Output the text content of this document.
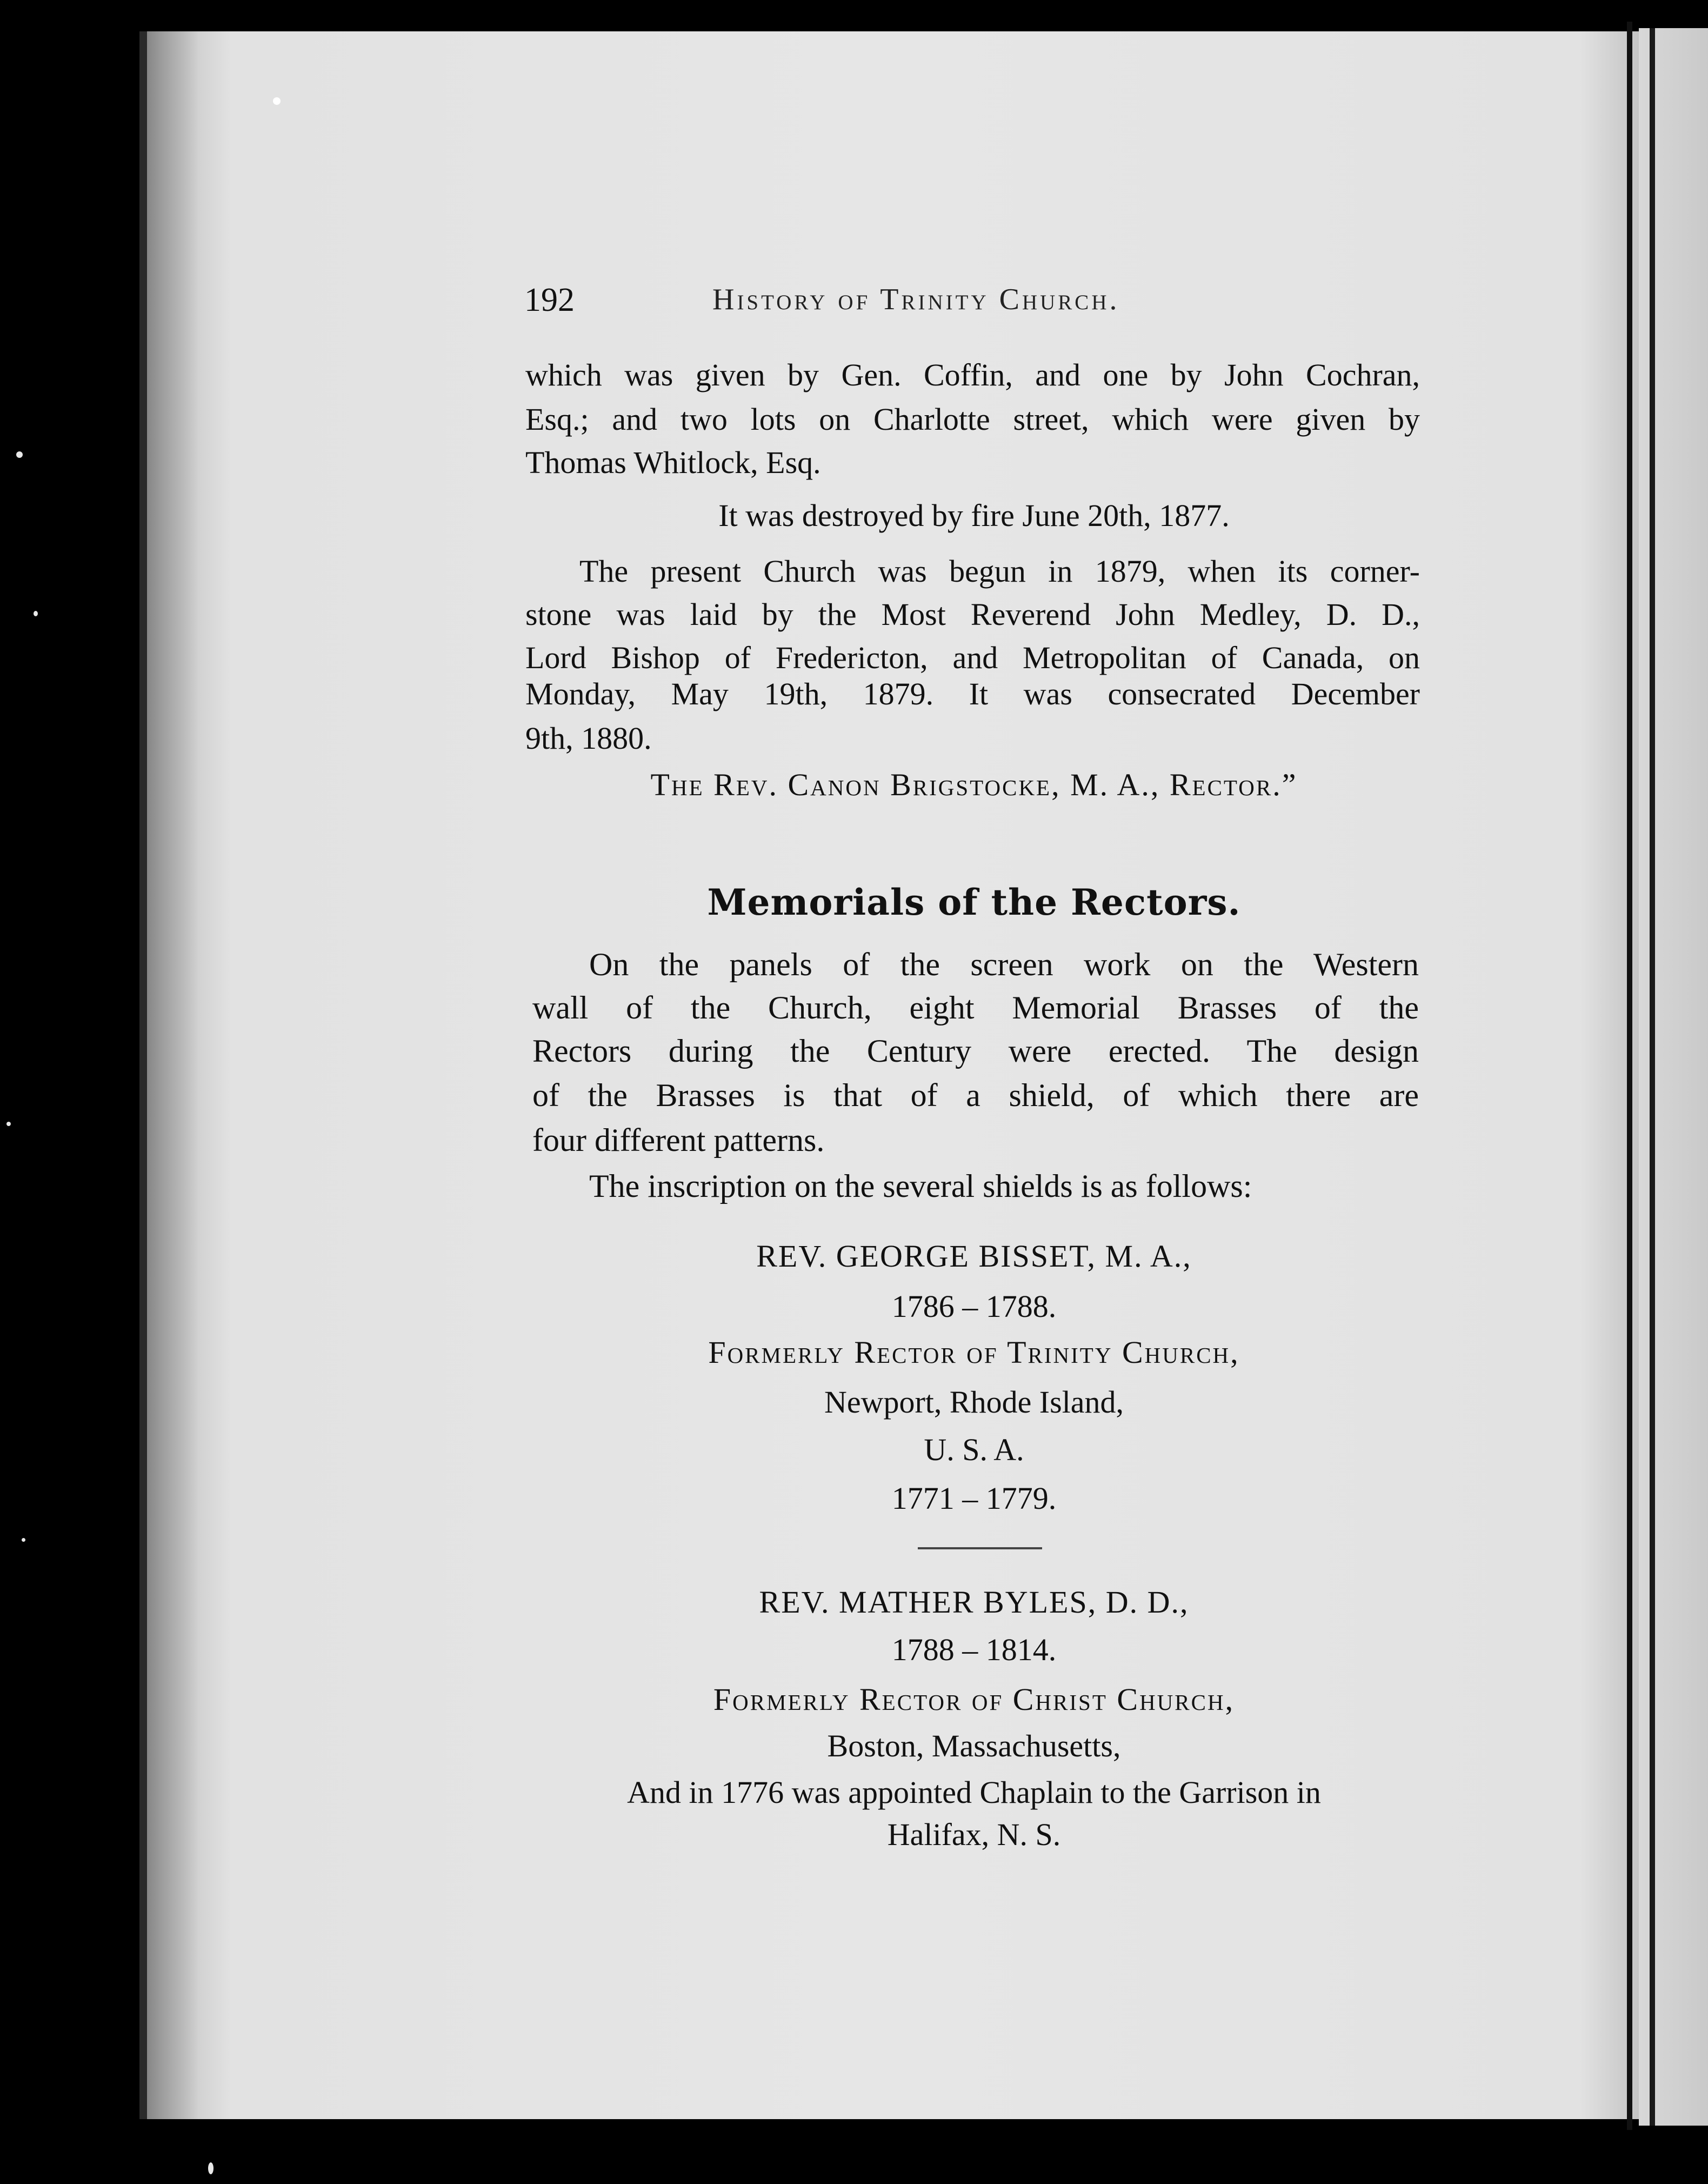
192	History of Trinity Church.
which was given by Gen. Coffin, and one by John Cochran,
Esq.; and two lots on Charlotte street, which were given by
Thomas Whitlock, Esq.
It was destroyed by fire June 20th, 1877.
The present Church was begun in 1879, when its corner-
stone was laid by the Most Reverend John Medley, D. D.,
Lord Bishop of Fredericton, and Metropolitan of Canada, on
Monday, May 19th, 1879. It was consecrated December
9th, 1880.
The Rev. Canon Brigstocke, M. A., Rector.”
Memorials of the Rectors.
On the panels of the screen work on the Western
wall of the Church, eight Memorial Brasses of the
Rectors during the Century were erected. The design
of the Brasses is that of a shield, of which there are
four different patterns.
The inscription on the several shields is as follows:
REV. GEORGE BISSET, M. A.,
1786 – 1788.
Formerly Rector of Trinity Church,
Newport, Rhode Island,
U. S. A.
1771 – 1779.
REV. MATHER BYLES, D. D.,
1788 – 1814.
Formerly Rector of Christ Church,
Boston, Massachusetts,
And in 1776 was appointed Chaplain to the Garrison in
Halifax, N. S.
